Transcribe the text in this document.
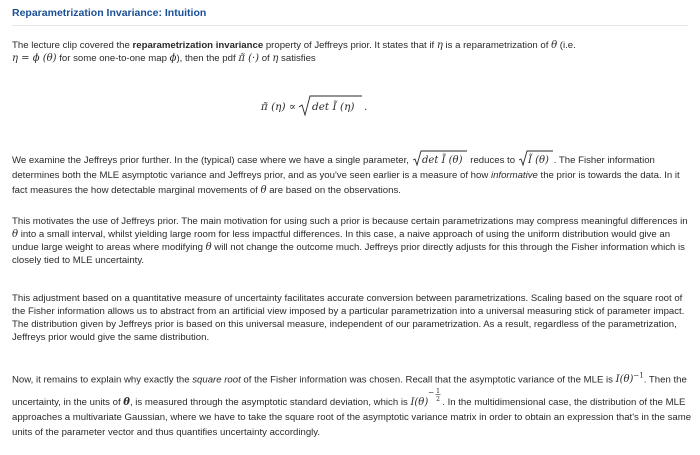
Reparametrization Invariance: Intuition

The lecture clip covered the reparametrization invariance property of Jeffreys prior. It states that if η is a reparametrization of θ (i.e.
η = ϕ (θ) for some one-to-one map ϕ), then the pdf π̃ (·) of η satisfies

π̃ (η) ∝ det Ĩ (η) .

We examine the Jeffreys prior further. In the (typical) case where we have a single parameter, det Ĩ (θ) reduces to Ĩ (θ) . The Fisher information determines both the MLE asymptotic variance and Jeffreys prior, and as you've seen earlier is a measure of how informative the prior is towards the data. In it fact measures the how detectable marginal movements of θ are based on the observations.

This motivates the use of Jeffreys prior. The main motivation for using such a prior is because certain parametrizations may compress meaningful differences in θ into a small interval, whilst yielding large room for less impactful differences. In this case, a naive approach of using the uniform distribution would give an undue large weight to areas where modifying θ will not change the outcome much. Jeffreys prior directly adjusts for this through the Fisher information which is closely tied to MLE uncertainty.

This adjustment based on a quantitative measure of uncertainty facilitates accurate conversion between parametrizations. Scaling based on the square root of the Fisher information allows us to abstract from an artificial view imposed by a particular parametrization into a universal measuring stick of parameter impact. The distribution given by Jeffreys prior is based on this universal measure, independent of our parametrization. As a result, regardless of the parametrization, Jeffreys prior would give the same distribution.

Now, it remains to explain why exactly the square root of the Fisher information was chosen. Recall that the asymptotic variance of the MLE is $I(\theta)^{-1}$. Then the uncertainty, in the units of θ, is measured through the asymptotic standard deviation, which is I(θ)
− 1
2 . In the multidimensional case, the distribution of the MLE approaches a multivariate Gaussian, where we have to take the square root of the asymptotic variance matrix in order to obtain an expression that's in the same units of the parameter vector and thus quantifies uncertainty accordingly.
